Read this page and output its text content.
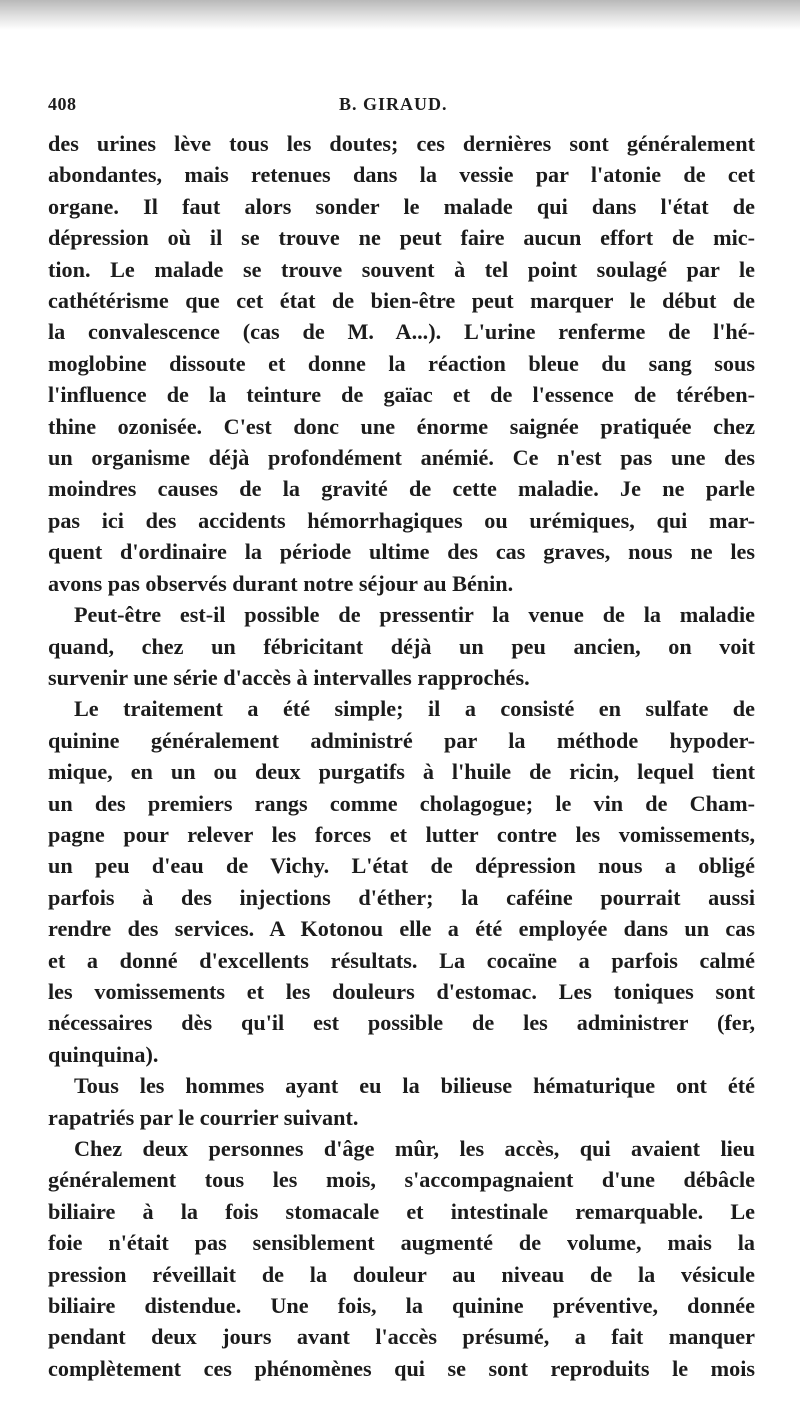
408	B. GIRAUD.

des urines lève tous les doutes; ces dernières sont généralement

abondantes, mais retenues dans la vessie par l'atonie de cet

organe. Il faut alors sonder le malade qui dans l'état de

dépression où il se trouve ne peut faire aucun effort de mic-

tion. Le malade se trouve souvent à tel point soulagé par le

cathétérisme que cet état de bien-être peut marquer le début de

la convalescence (cas de M. A...). L'urine renferme de l'hé-

moglobine dissoute et donne la réaction bleue du sang sous

l'influence de la teinture de gaïac et de l'essence de térében-

thine ozonisée. C'est donc une énorme saignée pratiquée chez

un organisme déjà profondément anémié. Ce n'est pas une des

moindres causes de la gravité de cette maladie. Je ne parle

pas ici des accidents hémorrhagiques ou urémiques, qui mar-

quent d'ordinaire la période ultime des cas graves, nous ne les

avons pas observés durant notre séjour au Bénin.

Peut-être est-il possible de pressentir la venue de la maladie

quand, chez un fébricitant déjà un peu ancien, on voit

survenir une série d'accès à intervalles rapprochés.

Le traitement a été simple; il a consisté en sulfate de

quinine généralement administré par la méthode hypoder-

mique, en un ou deux purgatifs à l'huile de ricin, lequel tient

un des premiers rangs comme cholagogue; le vin de Cham-

pagne pour relever les forces et lutter contre les vomissements,

un peu d'eau de Vichy. L'état de dépression nous a obligé

parfois à des injections d'éther; la caféine pourrait aussi

rendre des services. A Kotonou elle a été employée dans un cas

et a donné d'excellents résultats. La cocaïne a parfois calmé

les vomissements et les douleurs d'estomac. Les toniques sont

nécessaires dès qu'il est possible de les administrer (fer,

quinquina).

Tous les hommes ayant eu la bilieuse hématurique ont été

rapatriés par le courrier suivant.

Chez deux personnes d'âge mûr, les accès, qui avaient lieu

généralement tous les mois, s'accompagnaient d'une débâcle

biliaire à la fois stomacale et intestinale remarquable. Le

foie n'était pas sensiblement augmenté de volume, mais la

pression réveillait de la douleur au niveau de la vésicule

biliaire distendue. Une fois, la quinine préventive, donnée

pendant deux jours avant l'accès présumé, a fait manquer

complètement ces phénomènes qui se sont reproduits le mois
